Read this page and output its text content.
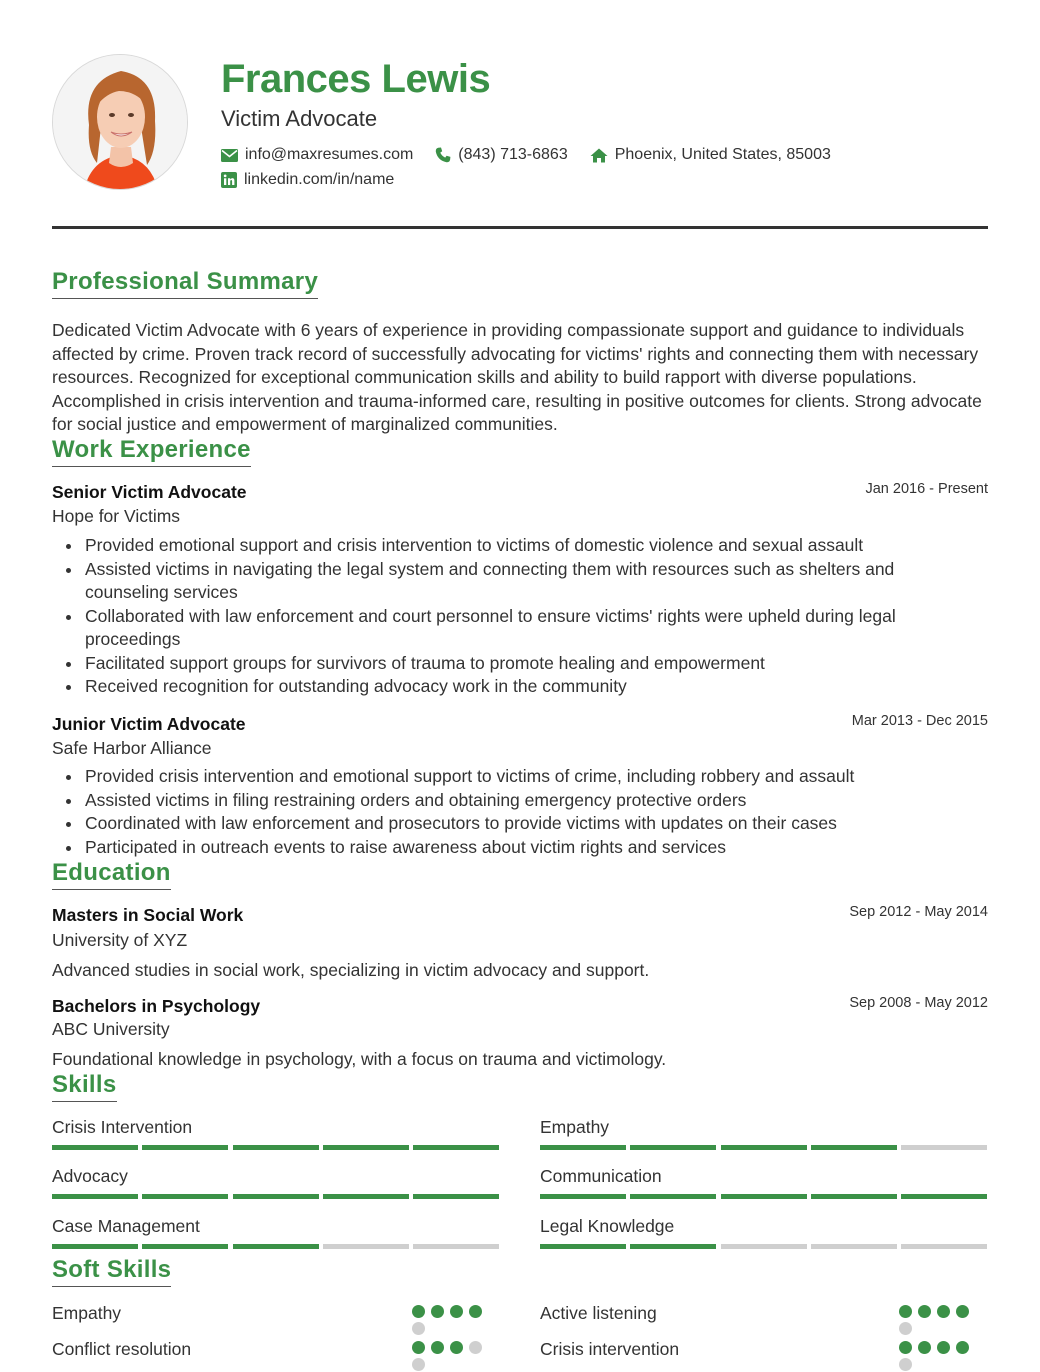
Frances Lewis
Victim Advocate
info@maxresumes.com	(843) 713-6863	Phoenix, United States, 85003
linkedin.com/in/name
Professional Summary
Dedicated Victim Advocate with 6 years of experience in providing compassionate support and guidance to individuals affected by crime. Proven track record of successfully advocating for victims' rights and connecting them with necessary resources. Recognized for exceptional communication skills and ability to build rapport with diverse populations. Accomplished in crisis intervention and trauma-informed care, resulting in positive outcomes for clients. Strong advocate for social justice and empowerment of marginalized communities.
Work Experience
Senior Victim Advocate	Jan 2016 - Present
Hope for Victims
Provided emotional support and crisis intervention to victims of domestic violence and sexual assault
Assisted victims in navigating the legal system and connecting them with resources such as shelters and counseling services
Collaborated with law enforcement and court personnel to ensure victims' rights were upheld during legal proceedings
Facilitated support groups for survivors of trauma to promote healing and empowerment
Received recognition for outstanding advocacy work in the community
Junior Victim Advocate	Mar 2013 - Dec 2015
Safe Harbor Alliance
Provided crisis intervention and emotional support to victims of crime, including robbery and assault
Assisted victims in filing restraining orders and obtaining emergency protective orders
Coordinated with law enforcement and prosecutors to provide victims with updates on their cases
Participated in outreach events to raise awareness about victim rights and services
Education
Masters in Social Work	Sep 2012 - May 2014
University of XYZ
Advanced studies in social work, specializing in victim advocacy and support.
Bachelors in Psychology	Sep 2008 - May 2012
ABC University
Foundational knowledge in psychology, with a focus on trauma and victimology.
Skills
Crisis Intervention	Empathy
Advocacy	Communication
Case Management	Legal Knowledge
Soft Skills
Empathy	Active listening
Conflict resolution	Crisis intervention
